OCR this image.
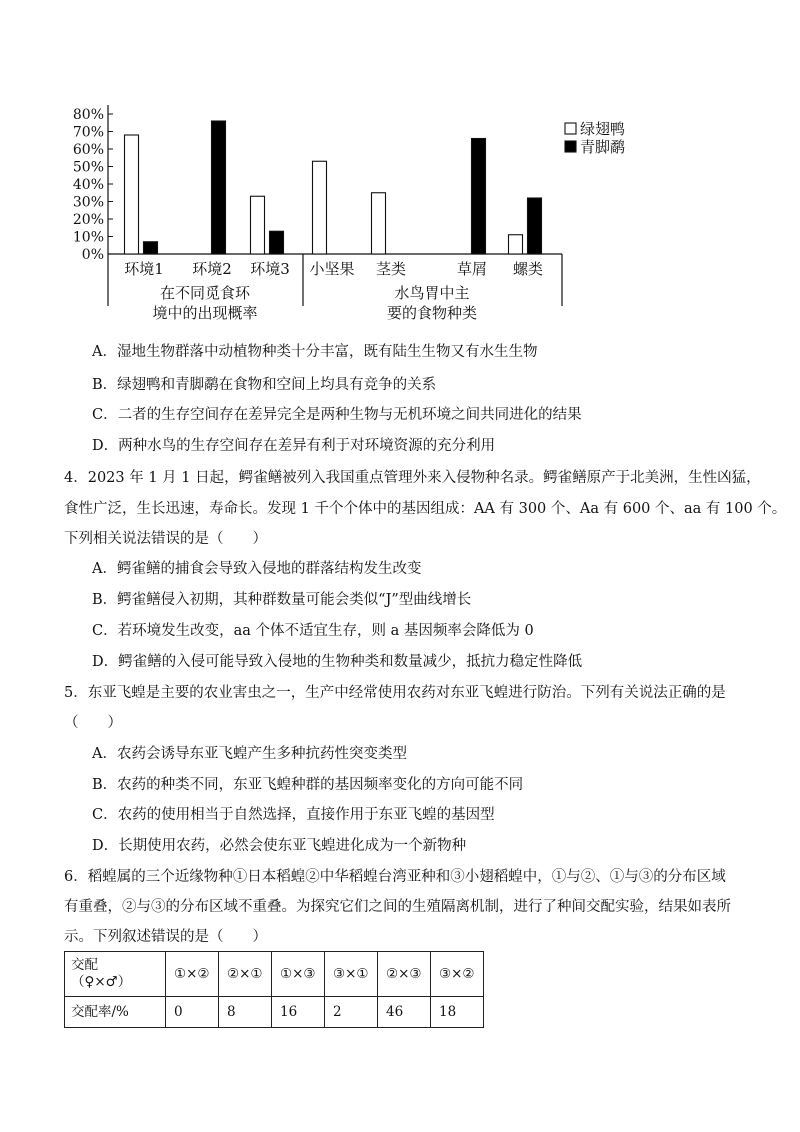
0%
10%
20%
30%
40%
50%
60%
70%
80%
环境1 环境2 环境3 小坚果 茎类	草屑 螺类
在不同觅食环
境中的出现概率
水鸟胃中主
要的食物种类
绿翅鸭
青脚鹬
A．湿地生物群落中动植物种类十分丰富，既有陆生生物又有水生生物
B．绿翅鸭和青脚鹬在食物和空间上均具有竞争的关系
C．二者的生存空间存在差异完全是两种生物与无机环境之间共同进化的结果
D．两种水鸟的生存空间存在差异有利于对环境资源的充分利用
4．2023 年 1 月 1 日起，鳄雀鳝被列入我国重点管理外来入侵物种名录。鳄雀鳝原产于北美洲，生性凶猛，
食性广泛，生长迅速，寿命长。发现 1 千个个体中的基因组成：AA 有 300 个、Aa 有 600 个、aa 有 100 个。
下列相关说法错误的是（　　）
A．鳄雀鳝的捕食会导致入侵地的群落结构发生改变
B．鳄雀鳝侵入初期，其种群数量可能会类似“J”型曲线增长
C．若环境发生改变，aa 个体不适宜生存，则 a 基因频率会降低为 0
D．鳄雀鳝的入侵可能导致入侵地的生物种类和数量减少，抵抗力稳定性降低
5．东亚飞蝗是主要的农业害虫之一，生产中经常使用农药对东亚飞蝗进行防治。下列有关说法正确的是
（　　）
A．农药会诱导东亚飞蝗产生多种抗药性突变类型
B．农药的种类不同，东亚飞蝗种群的基因频率变化的方向可能不同
C．农药的使用相当于自然选择，直接作用于东亚飞蝗的基因型
D．长期使用农药，必然会使东亚飞蝗进化成为一个新物种
6．稻蝗属的三个近缘物种①日本稻蝗②中华稻蝗台湾亚种和③小翅稻蝗中，①与②、①与③的分布区域
有重叠，②与③的分布区域不重叠。为探究它们之间的生殖隔离机制，进行了种间交配实验，结果如表所
示。下列叙述错误的是（　　）
交配
（♀×♂）	①×②	②×①	①×③	③×①	②×③	③×②
交配率/%	0	8	16	2	46	18
